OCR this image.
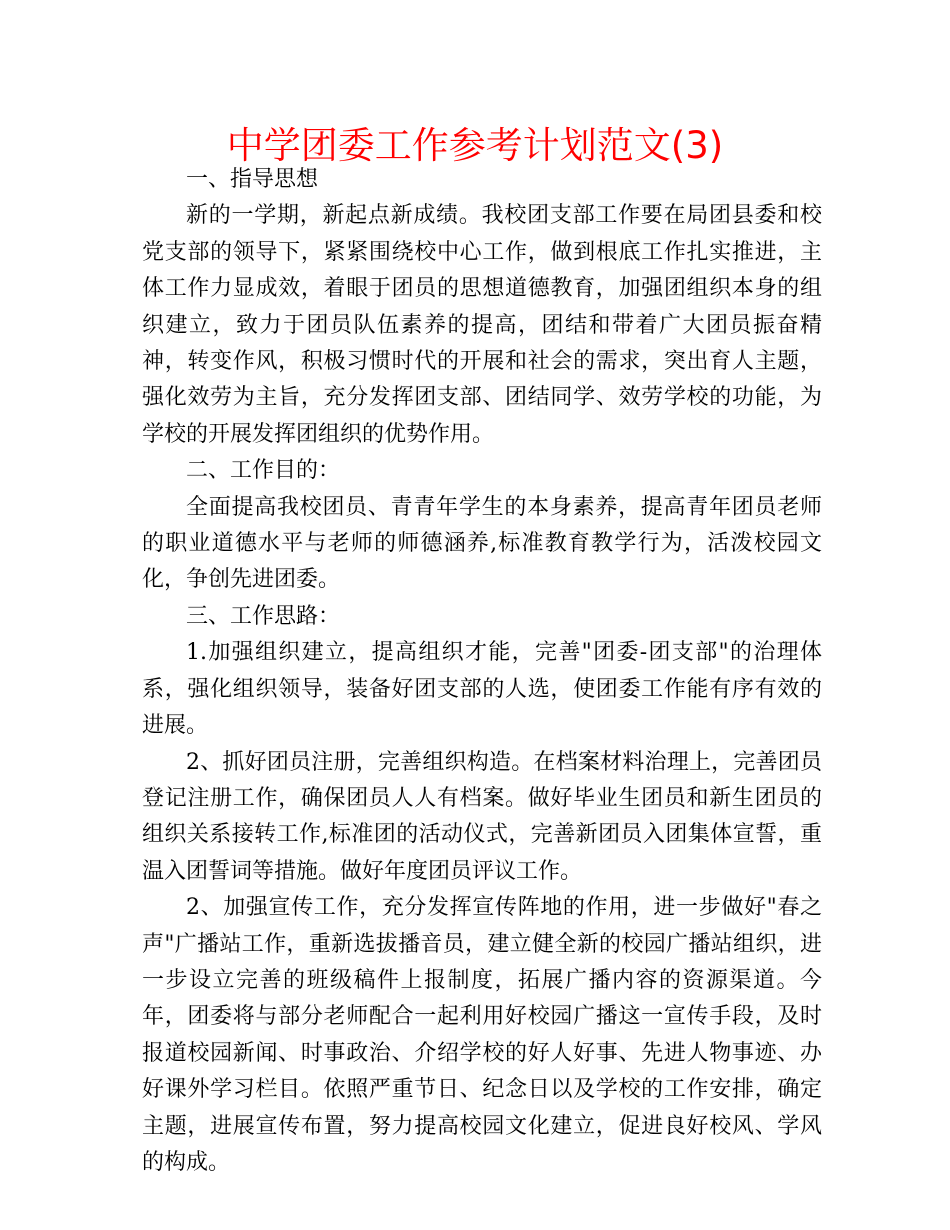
中学团委工作参考计划范文(3)

一、指导思想

新的一学期，新起点新成绩。我校团支部工作要在局团县委和校党支部的领导下，紧紧围绕校中心工作，做到根底工作扎实推进，主体工作力显成效，着眼于团员的思想道德教育，加强团组织本身的组织建立，致力于团员队伍素养的提高，团结和带着广大团员振奋精神，转变作风，积极习惯时代的开展和社会的需求，突出育人主题，强化效劳为主旨，充分发挥团支部、团结同学、效劳学校的功能，为学校的开展发挥团组织的优势作用。

二、工作目的：

全面提高我校团员、青青年学生的本身素养，提高青年团员老师的职业道德水平与老师的师德涵养,标准教育教学行为，活泼校园文化，争创先进团委。

三、工作思路：

1.加强组织建立，提高组织才能，完善"团委-团支部"的治理体系，强化组织领导，装备好团支部的人选，使团委工作能有序有效的进展。

2、抓好团员注册，完善组织构造。在档案材料治理上，完善团员登记注册工作，确保团员人人有档案。做好毕业生团员和新生团员的组织关系接转工作,标准团的活动仪式，完善新团员入团集体宣誓，重温入团誓词等措施。做好年度团员评议工作。

2、加强宣传工作，充分发挥宣传阵地的作用，进一步做好"春之声"广播站工作，重新选拔播音员，建立健全新的校园广播站组织，进一步设立完善的班级稿件上报制度，拓展广播内容的资源渠道。今年，团委将与部分老师配合一起利用好校园广播这一宣传手段，及时报道校园新闻、时事政治、介绍学校的好人好事、先进人物事迹、办好课外学习栏目。依照严重节日、纪念日以及学校的工作安排，确定主题，进展宣传布置，努力提高校园文化建立，促进良好校风、学风的构成。
